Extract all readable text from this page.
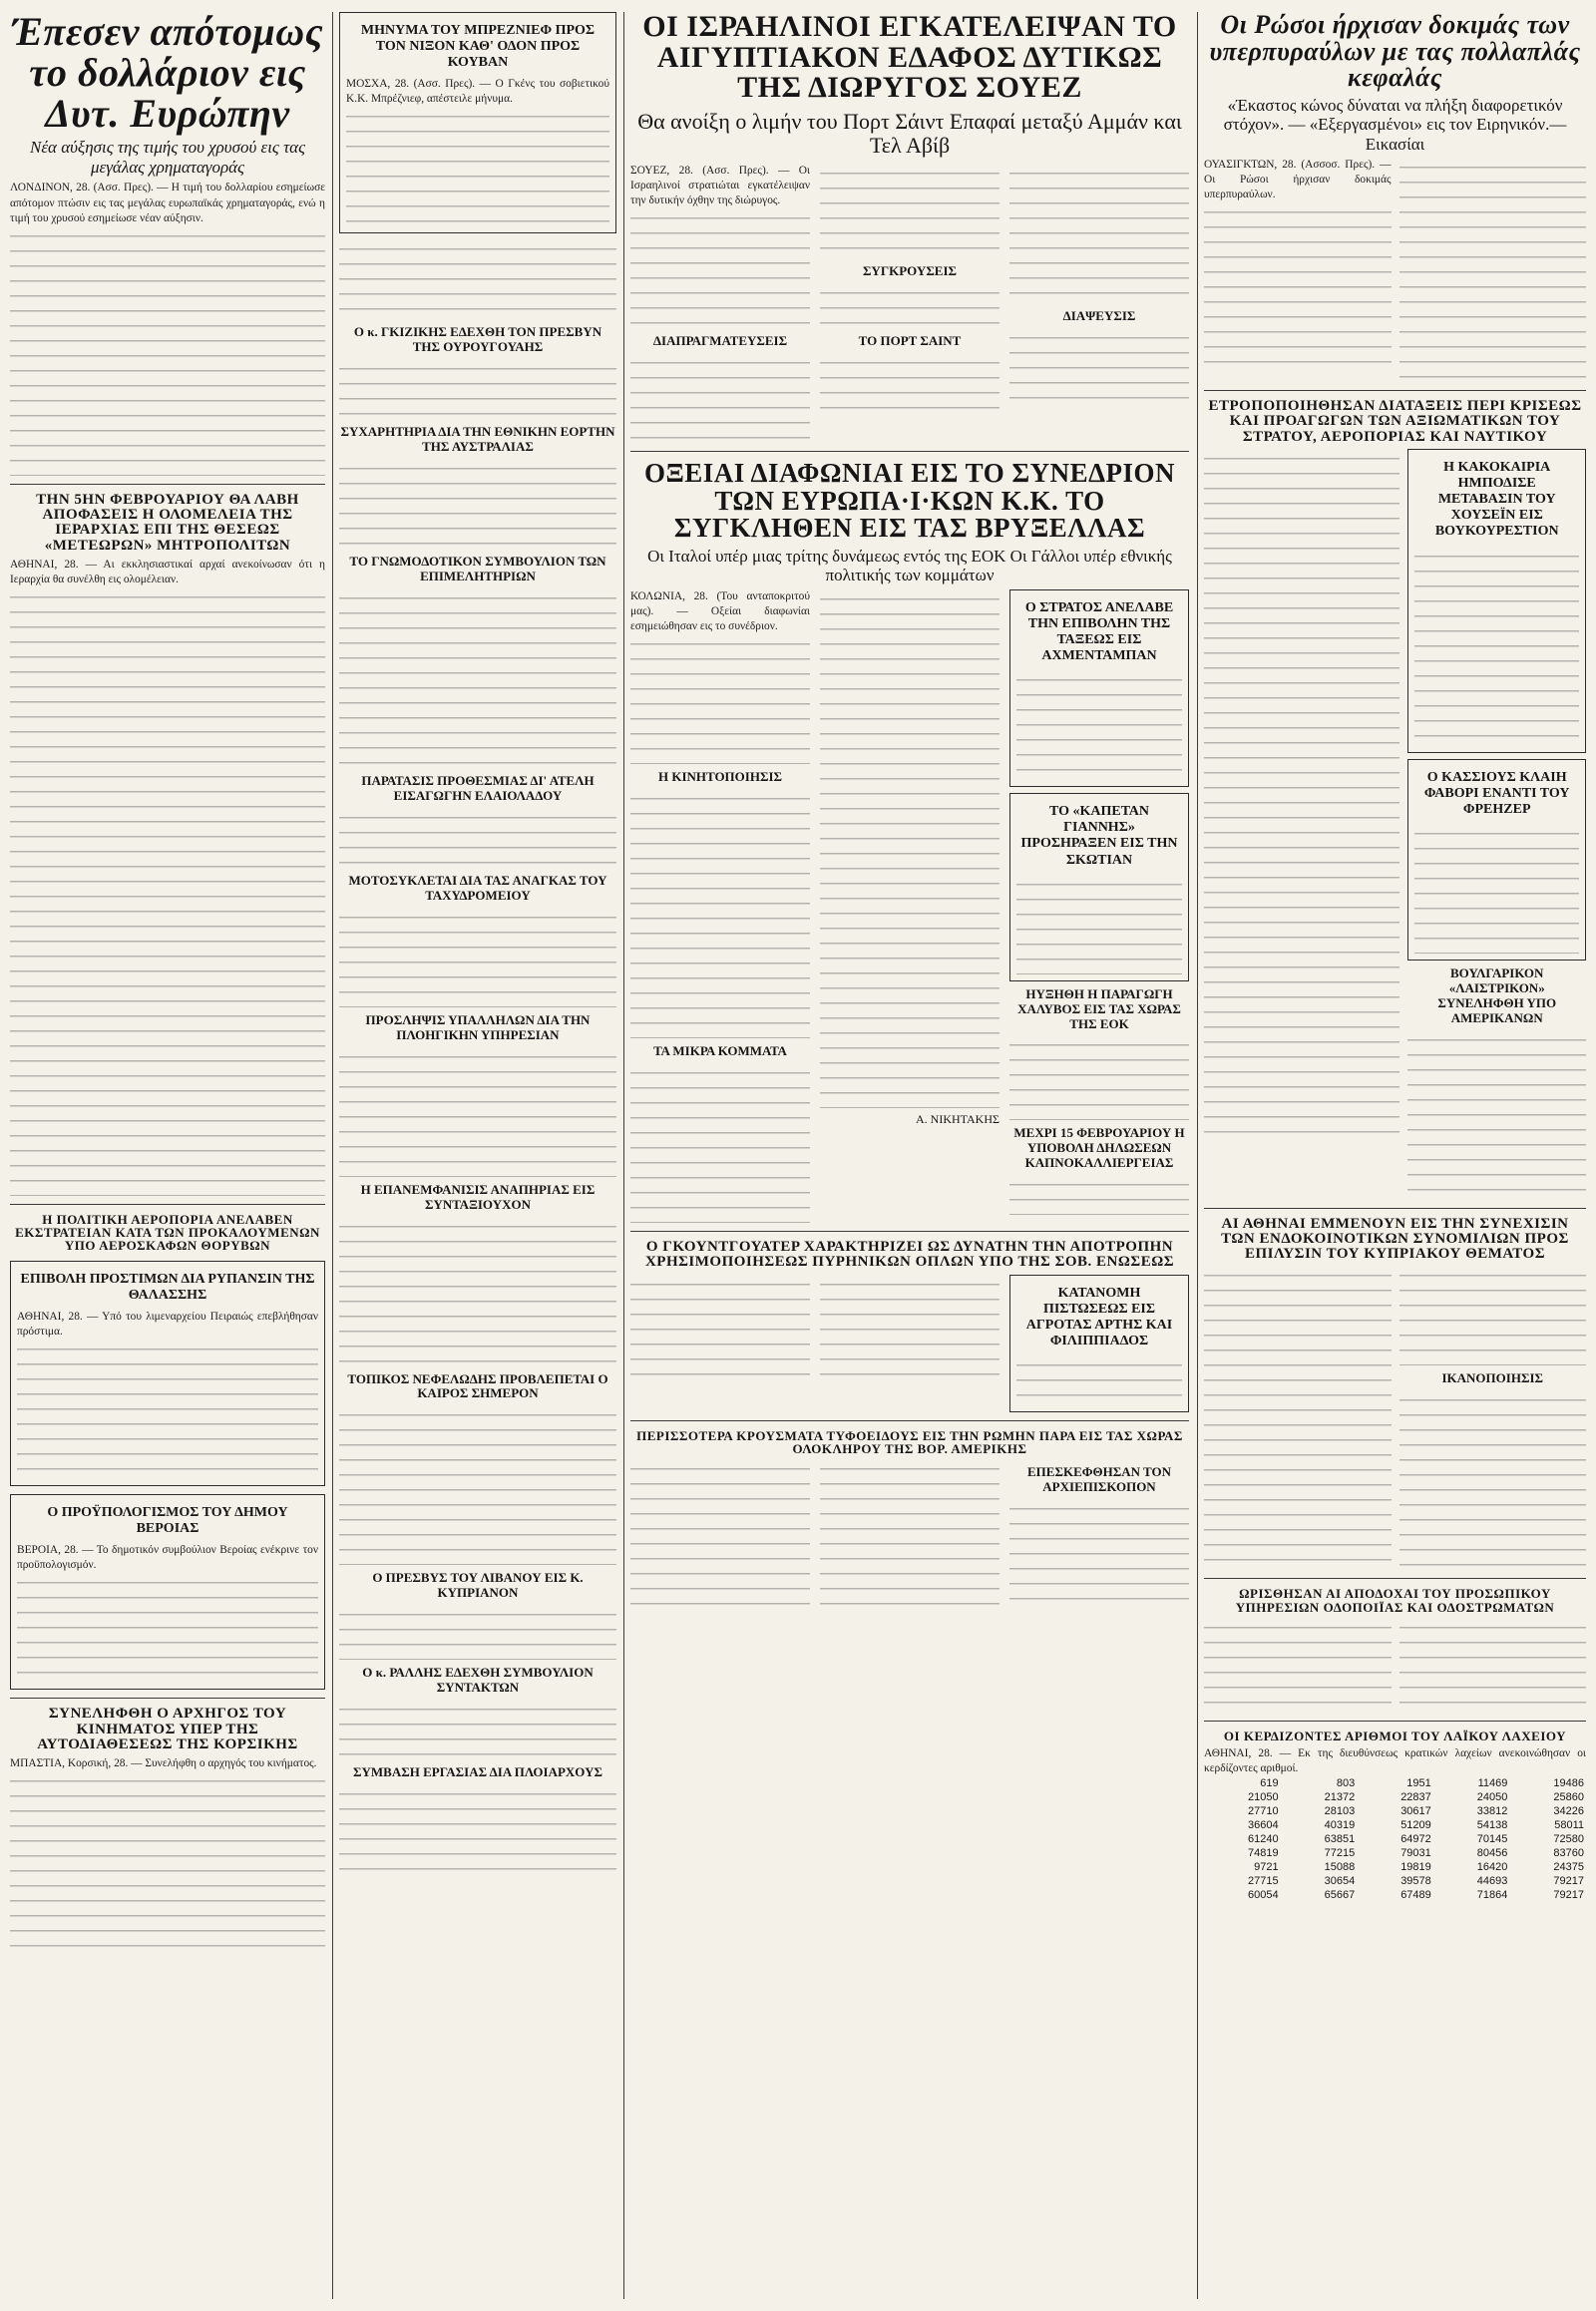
Έπεσεν απότομως το δολλάριον εις Δυτ. Ευρώπην
Νέα αύξησις της τιμής του χρυσού εις τας μεγάλας χρηματαγοράς
ΛΟΝΔΙΝΟΝ, 28. (Ασσ. Πρες). — Η τιμή του δολλαρίου εσημείωσε απότομον πτώσιν εις τας μεγάλας ευρωπαϊκάς χρηματαγοράς, ενώ η τιμή του χρυσού εσημείωσε νέαν αύξησιν.
ΤΗΝ 5ΗΝ ΦΕΒΡΟΥΑΡΙΟΥ ΘΑ ΛΑΒΗ ΑΠΟΦΑΣΕΙΣ Η ΟΛΟΜΕΛΕΙΑ ΤΗΣ ΙΕΡΑΡΧΙΑΣ ΕΠΙ ΤΗΣ ΘΕΣΕΩΣ «ΜΕΤΕΩΡΩΝ» ΜΗΤΡΟΠΟΛΙΤΩΝ
ΑΘΗΝΑΙ, 28. — Αι εκκλησιαστικαί αρχαί ανεκοίνωσαν ότι η Ιεραρχία θα συνέλθη εις ολομέλειαν.
Η ΠΟΛΙΤΙΚΗ ΑΕΡΟΠΟΡΙΑ ΑΝΕΛΑΒΕΝ ΕΚΣΤΡΑΤΕΙΑΝ ΚΑΤΑ ΤΩΝ ΠΡΟΚΑΛΟΥΜΕΝΩΝ ΥΠΟ ΑΕΡΟΣΚΑΦΩΝ ΘΟΡΥΒΩΝ
ΕΠΙΒΟΛΗ ΠΡΟΣΤΙΜΩΝ ΔΙΑ ΡΥΠΑΝΣΙΝ ΤΗΣ ΘΑΛΑΣΣΗΣ
ΑΘΗΝΑΙ, 28. — Υπό του λιμεναρχείου Πειραιώς επεβλήθησαν πρόστιμα.
Ο ΠΡΟΫΠΟΛΟΓΙΣΜΟΣ ΤΟΥ ΔΗΜΟΥ ΒΕΡΟΙΑΣ
ΒΕΡΟΙΑ, 28. — Το δημοτικόν συμβούλιον Βεροίας ενέκρινε τον προϋπολογισμόν.
ΣΥΝΕΛΗΦΘΗ Ο ΑΡΧΗΓΟΣ ΤΟΥ ΚΙΝΗΜΑΤΟΣ ΥΠΕΡ ΤΗΣ ΑΥΤΟΔΙΑΘΕΣΕΩΣ ΤΗΣ ΚΟΡΣΙΚΗΣ
ΜΠΑΣΤΙΑ, Κορσική, 28. — Συνελήφθη ο αρχηγός του κινήματος.
ΜΗΝΥΜΑ ΤΟΥ ΜΠΡΕΖΝΙΕΦ ΠΡΟΣ ΤΟΝ ΝΙΞΟΝ ΚΑΘ' ΟΔΟΝ ΠΡΟΣ ΚΟΥΒΑΝ
ΜΟΣΧΑ, 28. (Ασσ. Πρες). — Ο Γκένς του σοβιετικού Κ.Κ. Μπρέζνιεφ, απέστειλε μήνυμα.
Ο κ. ΓΚΙΖΙΚΗΣ ΕΔΕΧΘΗ ΤΟΝ ΠΡΕΣΒΥΝ ΤΗΣ ΟΥΡΟΥΓΟΥΑΗΣ
ΣΥΧΑΡΗΤΗΡΙΑ ΔΙΑ ΤΗΝ ΕΘΝΙΚΗΝ ΕΟΡΤΗΝ ΤΗΣ ΑΥΣΤΡΑΛΙΑΣ
ΤΟ ΓΝΩΜΟΔΟΤΙΚΟΝ ΣΥΜΒΟΥΛΙΟΝ ΤΩΝ ΕΠΙΜΕΛΗΤΗΡΙΩΝ
ΠΑΡΑΤΑΣΙΣ ΠΡΟΘΕΣΜΙΑΣ ΔΙ' ΑΤΕΛΗ ΕΙΣΑΓΩΓΗΝ ΕΛΑΙΟΛΑΔΟΥ
ΜΟΤΟΣΥΚΛΕΤΑΙ ΔΙΑ ΤΑΣ ΑΝΑΓΚΑΣ ΤΟΥ ΤΑΧΥΔΡΟΜΕΙΟΥ
ΠΡΟΣΛΗΨΙΣ ΥΠΑΛΛΗΛΩΝ ΔΙΑ ΤΗΝ ΠΛΟΗΓΙΚΗΝ ΥΠΗΡΕΣΙΑΝ
Η ΕΠΑΝΕΜΦΑΝΙΣΙΣ ΑΝΑΠΗΡΙΑΣ ΕΙΣ ΣΥΝΤΑΞΙΟΥΧΟΝ
ΤΟΠΙΚΟΣ ΝΕΦΕΛΩΔΗΣ ΠΡΟΒΛΕΠΕΤΑΙ Ο ΚΑΙΡΟΣ ΣΗΜΕΡΟΝ
Ο ΠΡΕΣΒΥΣ ΤΟΥ ΛΙΒΑΝΟΥ ΕΙΣ Κ. ΚΥΠΡΙΑΝΟΝ
Ο κ. ΡΑΛΛΗΣ ΕΔΕΧΘΗ ΣΥΜΒΟΥΛΙΟΝ ΣΥΝΤΑΚΤΩΝ
ΣΥΜΒΑΣΗ ΕΡΓΑΣΙΑΣ ΔΙΑ ΠΛΟΙΑΡΧΟΥΣ
ΟΙ ΙΣΡΑΗΛΙΝΟΙ ΕΓΚΑΤΕΛΕΙΨΑΝ ΤΟ ΑΙΓΥΠΤΙΑΚΟΝ ΕΔΑΦΟΣ ΔΥΤΙΚΩΣ ΤΗΣ ΔΙΩΡΥΓΟΣ ΣΟΥΕΖ
Θα ανοίξη ο λιμήν του Πορτ Σάιντ Επαφαί μεταξύ Αμμάν και Τελ Αβίβ
ΣΟΥΕΖ, 28. (Ασσ. Πρες). — Οι Ισραηλινοί στρατιώται εγκατέλειψαν την δυτικήν όχθην της διώρυγος.
ΔΙΑΠΡΑΓΜΑΤΕΥΣΕΙΣ
ΣΥΓΚΡΟΥΣΕΙΣ
ΤΟ ΠΟΡΤ ΣΑΙΝΤ
ΔΙΑΨΕΥΣΙΣ
ΟΞΕΙΑΙ ΔΙΑΦΩΝΙΑΙ ΕΙΣ ΤΟ ΣΥΝΕΔΡΙΟΝ ΤΩΝ ΕΥΡΩΠΑ·Ι·ΚΩΝ Κ.Κ. ΤΟ ΣΥΓΚΛΗΘΕΝ ΕΙΣ ΤΑΣ ΒΡΥΞΕΛΛΑΣ
Οι Ιταλοί υπέρ μιας τρίτης δυνάμεως εντός της ΕΟΚ Οι Γάλλοι υπέρ εθνικής πολιτικής των κομμάτων
ΚΟΛΩΝΙΑ, 28. (Του ανταποκριτού μας). — Οξείαι διαφωνίαι εσημειώθησαν εις το συνέδριον.
Η ΚΙΝΗΤΟΠΟΙΗΣΙΣ
ΤΑ ΜΙΚΡΑ ΚΟΜΜΑΤΑ
Α. ΝΙΚΗΤΑΚΗΣ
Ο ΣΤΡΑΤΟΣ ΑΝΕΛΑΒΕ ΤΗΝ ΕΠΙΒΟΛΗΝ ΤΗΣ ΤΑΞΕΩΣ ΕΙΣ ΑΧΜΕΝΤΑΜΠΑΝ
ΤΟ «ΚΑΠΕΤΑΝ ΓΙΑΝΝΗΣ» ΠΡΟΣΗΡΑΞΕΝ ΕΙΣ ΤΗΝ ΣΚΩΤΙΑΝ
ΗΥΞΗΘΗ Η ΠΑΡΑΓΩΓΗ ΧΑΛΥΒΟΣ ΕΙΣ ΤΑΣ ΧΩΡΑΣ ΤΗΣ ΕΟΚ
ΜΕΧΡΙ 15 ΦΕΒΡΟΥΑΡΙΟΥ Η ΥΠΟΒΟΛΗ ΔΗΛΩΣΕΩΝ ΚΑΠΝΟΚΑΛΛΙΕΡΓΕΙΑΣ
Ο ΓΚΟΥΝΤΓΟΥΑΤΕΡ ΧΑΡΑΚΤΗΡΙΖΕΙ ΩΣ ΔΥΝΑΤΗΝ ΤΗΝ ΑΠΟΤΡΟΠΗΝ ΧΡΗΣΙΜΟΠΟΙΗΣΕΩΣ ΠΥΡΗΝΙΚΩΝ ΟΠΛΩΝ ΥΠΟ ΤΗΣ ΣΟΒ. ΕΝΩΣΕΩΣ
ΚΑΤΑΝΟΜΗ ΠΙΣΤΩΣΕΩΣ ΕΙΣ ΑΓΡΟΤΑΣ ΑΡΤΗΣ ΚΑΙ ΦΙΛΙΠΠΙΑΔΟΣ
ΠΕΡΙΣΣΟΤΕΡΑ ΚΡΟΥΣΜΑΤΑ ΤΥΦΟΕΙΔΟΥΣ ΕΙΣ ΤΗΝ ΡΩΜΗΝ ΠΑΡΑ ΕΙΣ ΤΑΣ ΧΩΡΑΣ ΟΛΟΚΛΗΡΟΥ ΤΗΣ ΒΟΡ. ΑΜΕΡΙΚΗΣ
ΕΠΕΣΚΕΦΘΗΣΑΝ ΤΟΝ ΑΡΧΙΕΠΙΣΚΟΠΟΝ
Οι Ρώσοι ήρχισαν δοκιμάς των υπερπυραύλων με τας πολλαπλάς κεφαλάς
«Έκαστος κώνος δύναται να πλήξη διαφορετικόν στόχον». — «Εξεργασμένοι» εις τον Ειρηνικόν.—Εικασίαι
ΟΥΑΣΙΓΚΤΩΝ, 28. (Ασσοσ. Πρες). — Οι Ρώσοι ήρχισαν δοκιμάς υπερπυραύλων.
ΕΤΡΟΠΟΠΟΙΗΘΗΣΑΝ ΔΙΑΤΑΞΕΙΣ ΠΕΡΙ ΚΡΙΣΕΩΣ ΚΑΙ ΠΡΟΑΓΩΓΩΝ ΤΩΝ ΑΞΙΩΜΑΤΙΚΩΝ ΤΟΥ ΣΤΡΑΤΟΥ, ΑΕΡΟΠΟΡΙΑΣ ΚΑΙ ΝΑΥΤΙΚΟΥ
Η ΚΑΚΟΚΑΙΡΙΑ ΗΜΠΟΔΙΣΕ ΜΕΤΑΒΑΣΙΝ ΤΟΥ ΧΟΥΣΕΪΝ ΕΙΣ ΒΟΥΚΟΥΡΕΣΤΙΟΝ
Ο ΚΑΣΣΙΟΥΣ ΚΛΑΙΗ ΦΑΒΟΡΙ ΕΝΑΝΤΙ ΤΟΥ ΦΡΕΗΖΕΡ
ΒΟΥΛΓΑΡΙΚΟΝ «ΛΑΙΣΤΡΙΚΟΝ» ΣΥΝΕΛΗΦΘΗ ΥΠΟ ΑΜΕΡΙΚΑΝΩΝ
ΑΙ ΑΘΗΝΑΙ ΕΜΜΕΝΟΥΝ ΕΙΣ ΤΗΝ ΣΥΝΕΧΙΣΙΝ ΤΩΝ ΕΝΔΟΚΟΙΝΟΤΙΚΩΝ ΣΥΝΟΜΙΛΙΩΝ ΠΡΟΣ ΕΠΙΛΥΣΙΝ ΤΟΥ ΚΥΠΡΙΑΚΟΥ ΘΕΜΑΤΟΣ
ΙΚΑΝΟΠΟΙΗΣΙΣ
ΩΡΙΣΘΗΣΑΝ ΑΙ ΑΠΟΔΟΧΑΙ ΤΟΥ ΠΡΟΣΩΠΙΚΟΥ ΥΠΗΡΕΣΙΩΝ ΟΔΟΠΟΙΪΑΣ ΚΑΙ ΟΔΟΣΤΡΩΜΑΤΩΝ
ΟΙ ΚΕΡΔΙΖΟΝΤΕΣ ΑΡΙΘΜΟΙ ΤΟΥ ΛΑΪΚΟΥ ΛΑΧΕΙΟΥ
ΑΘΗΝΑΙ, 28. — Εκ της διευθύνσεως κρατικών λαχείων ανεκοινώθησαν οι κερδίζοντες αριθμοί.
619	803	1951	11469	19486
21050	21372	22837	24050	25860
27710	28103	30617	33812	34226
36604	40319	51209	54138	58011
61240	63851	64972	70145	72580
74819	77215	79031	80456	83760
9721	15088	19819	16420	24375
27715	30654	39578	44693	79217
60054	65667	67489	71864	79217
